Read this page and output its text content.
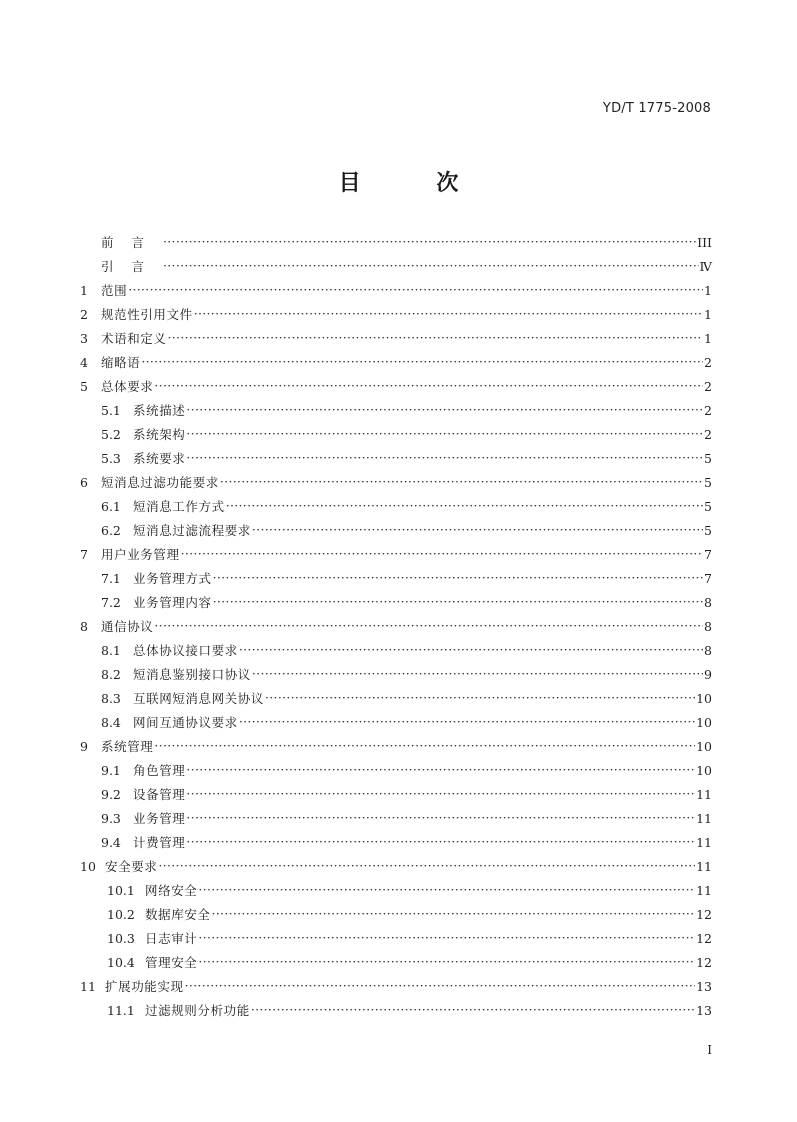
YD/T 1775-2008
目 次
前言 ·····	III
引言 ·····	Ⅳ
1	范围 ·····	1
2	规范性引用文件 ·····	1
3	术语和定义 ·····	1
4	缩略语 ·····	2
5	总体要求 ·····	2
5.1 系统描述 ·····	2
5.2 系统架构 ·····	2
5.3 系统要求 ·····	5
6	短消息过滤功能要求 ·····	5
6.1 短消息工作方式 ·····	5
6.2 短消息过滤流程要求 ·····	5
7	用户业务管理 ·····	7
7.1 业务管理方式 ·····	7
7.2 业务管理内容 ·····	8
8	通信协议 ·····	8
8.1 总体协议接口要求 ·····	8
8.2 短消息鉴别接口协议 ·····	9
8.3 互联网短消息网关协议 ·····	10
8.4 网间互通协议要求 ·····	10
9	系统管理 ·····	10
9.1 角色管理 ·····	10
9.2 设备管理 ·····	11
9.3 业务管理 ·····	11
9.4 计费管理 ·····	11
10 安全要求 ·····	11
10.1 网络安全 ·····	11
10.2 数据库安全 ·····	12
10.3 日志审计 ·····	12
10.4 管理安全 ·····	12
11 扩展功能实现 ·····	13
11.1 过滤规则分析功能 ·····	13
I
